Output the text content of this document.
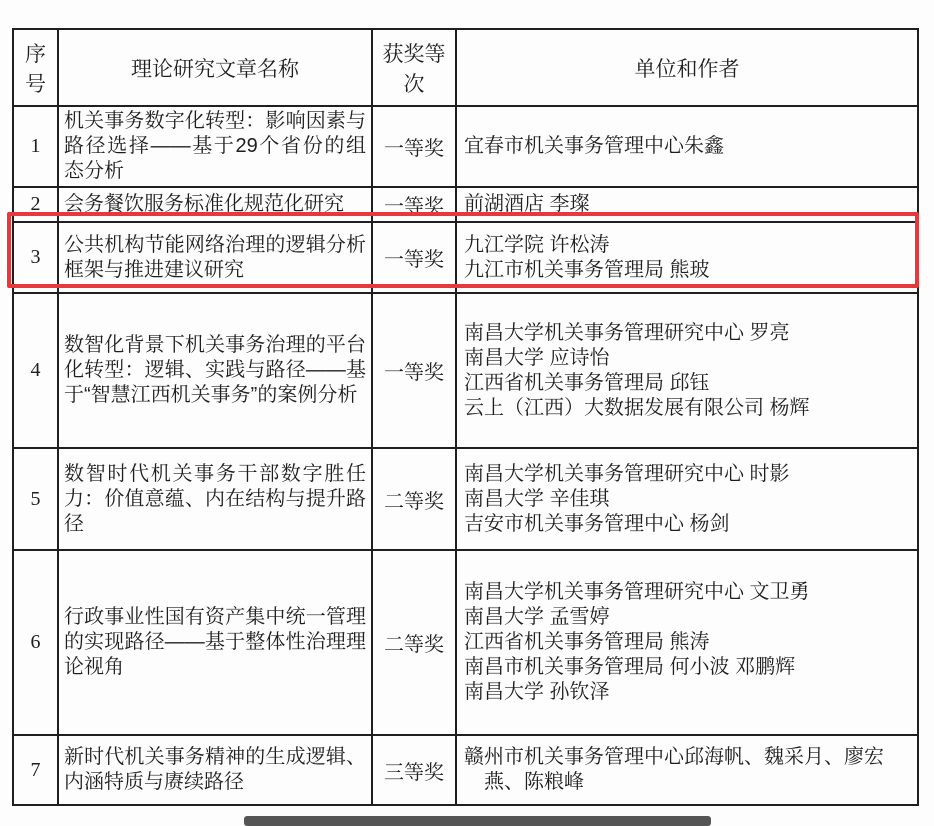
序号	理论研究文章名称	获奖等次	单位和作者
1	机关事务数字化转型：影响因素与路径选择——基于29个省份的组态分析	一等奖	宜春市机关事务管理中心朱鑫

2	会务餐饮服务标准化规范化研究	一等奖	前湖酒店 李璨

3	公共机构节能网络治理的逻辑分析框架与推进建议研究	一等奖	九江学院 许松涛
九江市机关事务管理局 熊玻

4	数智化背景下机关事务治理的平台化转型：逻辑、实践与路径——基于“智慧江西机关事务”的案例分析	一等奖	南昌大学机关事务管理研究中心 罗亮
南昌大学 应诗怡
江西省机关事务管理局 邱钰
云上（江西）大数据发展有限公司 杨辉

5	数智时代机关事务干部数字胜任力：价值意蕴、内在结构与提升路径	二等奖	南昌大学机关事务管理研究中心 时影
南昌大学 辛佳琪
吉安市机关事务管理中心 杨剑

6	行政事业性国有资产集中统一管理的实现路径——基于整体性治理理论视角	二等奖	南昌大学机关事务管理研究中心 文卫勇
南昌大学 孟雪婷
江西省机关事务管理局 熊涛
南昌市机关事务管理局 何小波 邓鹏辉
南昌大学 孙钦泽

7	新时代机关事务精神的生成逻辑、内涵特质与赓续路径	三等奖	赣州市机关事务管理中心邱海帆、魏采月、廖宏
　燕、陈粮峰
